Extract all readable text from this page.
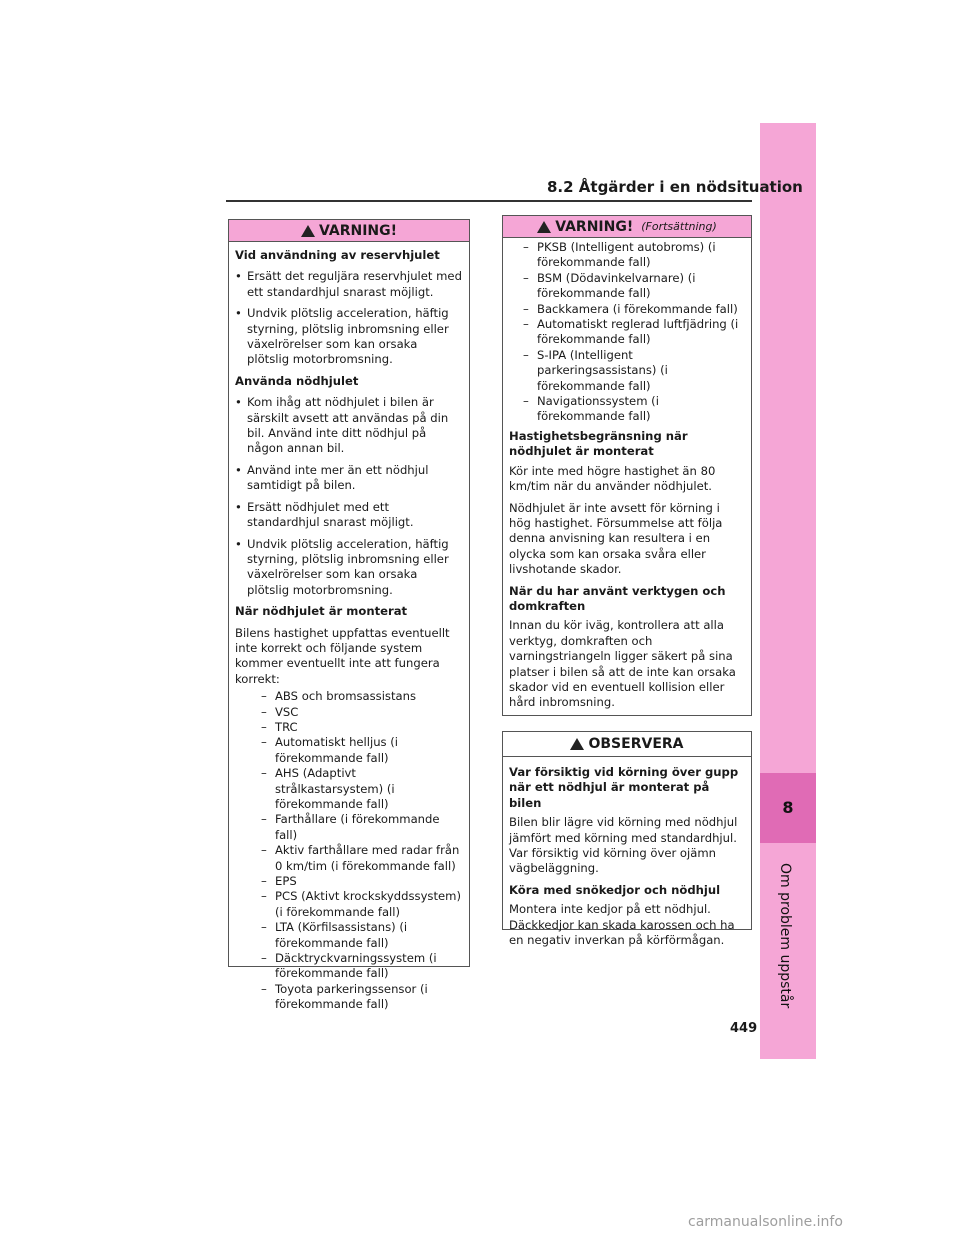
8
Om problem uppstår
8.2 Åtgärder i en nödsituation
VARNING!

Vid användning av reservhjulet

• Ersätt det reguljära reservhjulet med ett standardhjul snarast möjligt.
• Undvik plötslig acceleration, häftig styrning, plötslig inbromsning eller växelrörelser som kan orsaka plötslig motorbromsning.

Använda nödhjulet

• Kom ihåg att nödhjulet i bilen är särskilt avsett att användas på din bil. Använd inte ditt nödhjul på någon annan bil.
• Använd inte mer än ett nödhjul samtidigt på bilen.
• Ersätt nödhjulet med ett standardhjul snarast möjligt.
• Undvik plötslig acceleration, häftig styrning, plötslig inbromsning eller växelrörelser som kan orsaka plötslig motorbromsning.

När nödhjulet är monterat

Bilens hastighet uppfattas eventuellt inte korrekt och följande system kommer eventuellt inte att fungera korrekt:

– ABS och bromsassistans
– VSC
– TRC
– Automatiskt helljus (i förekommande fall)
– AHS (Adaptivt strålkastarsystem) (i förekommande fall)
– Farthållare (i förekommande fall)
– Aktiv farthållare med radar från 0 km/tim (i förekommande fall)
– EPS
– PCS (Aktivt krockskyddssystem) (i förekommande fall)
– LTA (Körfilsassistans) (i förekommande fall)
– Däcktryckvarningssystem (i förekommande fall)
– Toyota parkeringssensor (i förekommande fall)
VARNING! (Fortsättning)
– PKSB (Intelligent autobroms) (i förekommande fall)
– BSM (Dödavinkelvarnare) (i förekommande fall)
– Backkamera (i förekommande fall)
– Automatiskt reglerad luftfjädring (i förekommande fall)
– S-IPA (Intelligent parkeringsassistans) (i förekommande fall)
– Navigationssystem (i förekommande fall)

Hastighetsbegränsning när nödhjulet är monterat

Kör inte med högre hastighet än 80 km/tim när du använder nödhjulet.

Nödhjulet är inte avsett för körning i hög hastighet. Försummelse att följa denna anvisning kan resultera i en olycka som kan orsaka svåra eller livshotande skador.

När du har använt verktygen och domkraften

Innan du kör iväg, kontrollera att alla verktyg, domkraften och varningstriangeln ligger säkert på sina platser i bilen så att de inte kan orsaka skador vid en eventuell kollision eller hård inbromsning.

OBSERVERA

Var försiktig vid körning över gupp när ett nödhjul är monterat på bilen

Bilen blir lägre vid körning med nödhjul jämfört med körning med standardhjul. Var försiktig vid körning över ojämn vägbeläggning.

Köra med snökedjor och nödhjul

Montera inte kedjor på ett nödhjul. Däckkedjor kan skada karossen och ha en negativ inverkan på körförmågan.

449
carmanualsonline.info
